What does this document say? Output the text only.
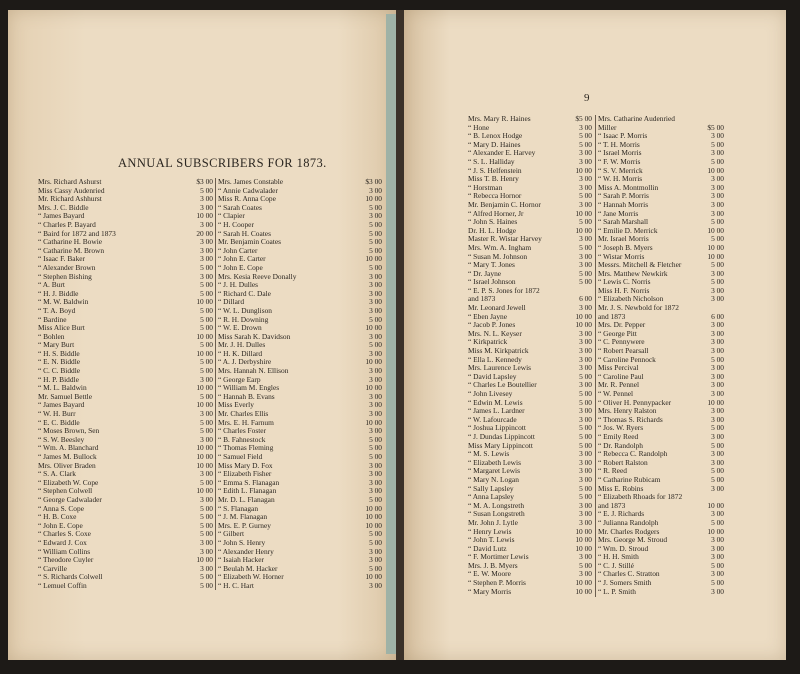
ANNUAL SUBSCRIBERS FOR 1873.
9
Mrs. Richard Ashurst	$3 00
Miss Cassy Audenried	5 00
Mr. Richard Ashhurst	3 00
Mrs. J. C. Biddle	3 00
“ James Bayard	10 00
“ Charles P. Bayard	3 00
“ Baird for 1872 and 1873	20 00
“ Catharine H. Bowie	3 00
“ Catharine M. Brown	3 00
“ Isaac F. Baker	3 00
“ Alexander Brown	5 00
“ Stephen Bishing	3 00
“ A. Burt	5 00
“ H. J. Biddle	5 00
“ M. W. Baldwin	10 00
“ T. A. Boyd	5 00
“ Bardine	5 00
Miss Alice Burt	5 00
“ Bohlen	10 00
“ Mary Burt	5 00
“ H. S. Biddle	10 00
“ E. N. Biddle	5 00
“ C. C. Biddle	5 00
“ H. P. Biddle	3 00
“ M. L. Baldwin	10 00
Mr. Samuel Bettle	5 00
“ James Bayard	10 00
“ W. H. Burr	3 00
“ E. C. Biddle	5 00
“ Moses Brown, Sen	5 00
“ S. W. Beesley	3 00
“ Wm. A. Blanchard	10 00
“ James M. Bullock	10 00
Mrs. Oliver Braden	10 00
“ S. A. Clark	3 00
“ Elizabeth W. Cope	5 00
“ Stephen Colwell	10 00
“ George Cadwalader	3 00
“ Anna S. Cope	5 00
“ H. B. Coxe	5 00
“ John E. Cope	5 00
“ Charles S. Coxe	5 00
“ Edward J. Cox	3 00
“ William Collins	3 00
“ Theodore Cuyler	10 00
“ Carville	3 00
“ S. Richards Colwell	5 00
“ Lemuel Coffin	5 00
Mrs. James Constable	$3 00
“ Annie Cadwalader	3 00
Miss R. Anna Cope	10 00
“ Sarah Coates	5 00
“ Clapier	3 00
“ H. Cooper	5 00
“ Sarah H. Coates	5 00
Mr. Benjamin Coates	5 00
“ John Carter	5 00
“ John E. Carter	10 00
“ John E. Cope	5 00
Mrs. Kesia Reeve Donally	3 00
“ J. H. Dulles	3 00
“ Richard C. Dale	3 00
“ Dillard	3 00
“ W. L. Dunglison	3 00
“ R. H. Downing	5 00
“ W. E. Drown	10 00
Miss Sarah K. Davidson	3 00
Mr. J. H. Dulles	5 00
“ H. K. Dillard	3 00
“ A. J. Derbyshire	10 00
Mrs. Hannah N. Ellison	3 00
“ George Earp	3 00
“ William M. Engles	10 00
“ Hannah B. Evans	3 00
Miss Everly	3 00
Mr. Charles Ellis	3 00
Mrs. E. H. Farnum	10 00
“ Charles Foster	3 00
“ B. Fahnestock	5 00
“ Thomas Fleming	5 00
“ Samuel Field	5 00
Miss Mary D. Fox	3 00
“ Elizabeth Fisher	3 00
“ Emma S. Flanagan	3 00
“ Edith L. Flanagan	3 00
Mr. D. L. Flanagan	5 00
“ S. Flanagan	10 00
“ J. M. Flanagan	10 00
Mrs. E. P. Gurney	10 00
“ Gilbert	5 00
“ John S. Henry	5 00
“ Alexander Henry	3 00
“ Isaiah Hacker	3 00
“ Beulah M. Hacker	5 00
“ Elizabeth W. Horner	10 00
“ H. C. Hart	3 00
Mrs. Mary R. Haines	$5 00
“ Hone	3 00
“ B. Lenox Hodge	5 00
“ Mary D. Haines	5 00
“ Alexander E. Harvey	3 00
“ S. L. Halliday	3 00
“ J. S. Helfenstein	10 00
Miss T. B. Henry	3 00
“ Horstman	3 00
“ Rebecca Hornor	5 00
Mr. Benjamin C. Hornor	3 00
“ Alfred Horner, Jr	10 00
“ John S. Haines	5 00
Dr. H. L. Hodge	10 00
Master R. Wistar Harvey	3 00
Mrs. Wm. A. Ingham	5 00
“ Susan M. Johnson	3 00
“ Mary T. Jones	3 00
“ Dr. Jayne	5 00
“ Israel Johnson	5 00
“ E. P. S. Jones for 1872
and 1873	6 00
Mr. Leonard Jewell	3 00
“ Eben Jayne	10 00
“ Jacob P. Jones	10 00
Mrs. N. L. Keyser	3 00
“ Kirkpatrick	3 00
Miss M. Kirkpatrick	3 00
“ Ella L. Kennedy	3 00
Mrs. Laurence Lewis	3 00
“ David Lapsley	5 00
“ Charles Le Boutellier	3 00
“ John Livesey	5 00
“ Edwin M. Lewis	5 00
“ James L. Lardner	3 00
“ W. Lafourcade	3 00
“ Joshua Lippincott	5 00
“ J. Dundas Lippincott	5 00
Miss Mary Lippincott	5 00
“ M. S. Lewis	3 00
“ Elizabeth Lewis	3 00
“ Margaret Lewis	3 00
“ Mary N. Logan	3 00
“ Sally Lapsley	5 00
“ Anna Lapsley	5 00
“ M. A. Longstreth	3 00
“ Susan Longstreth	3 00
Mr. John J. Lytle	3 00
“ Henry Lewis	10 00
“ John T. Lewis	10 00
“ David Lutz	10 00
“ F. Mortimer Lewis	3 00
Mrs. J. B. Myers	5 00
“ E. W. Moore	3 00
“ Stephen P. Morris	10 00
“ Mary Morris	10 00
Mrs. Catharine Audenried
Miller	$5 00
“ Isaac P. Morris	3 00
“ T. H. Morris	5 00
“ Israel Morris	3 00
“ F. W. Morris	5 00
“ S. V. Merrick	10 00
“ W. H. Morris	3 00
Miss A. Montmollin	3 00
“ Sarah P. Morris	3 00
“ Hannah Morris	3 00
“ Jane Morris	3 00
“ Sarah Marshall	5 00
“ Emilie D. Merrick	10 00
Mr. Israel Morris	5 00
“ Joseph B. Myers	10 00
“ Wistar Morris	10 00
Messrs. Mitchell & Fletcher	5 00
Mrs. Matthew Newkirk	3 00
“ Lewis C. Norris	5 00
Miss H. F. Norris	3 00
“ Elizabeth Nicholson	3 00
Mr. J. S. Newbold for 1872
and 1873	6 00
Mrs. Dr. Pepper	3 00
“ George Pitt	3 00
“ C. Pennywere	3 00
“ Robert Pearsall	3 00
“ Caroline Pennock	5 00
Miss Percival	3 00
“ Caroline Paul	3 00
Mr. R. Pennel	3 00
“ W. Pennel	3 00
“ Oliver H. Pennypacker	10 00
Mrs. Henry Ralston	3 00
“ Thomas S. Richards	3 00
“ Jos. W. Ryers	5 00
“ Emily Reed	3 00
“ Dr. Randolph	5 00
“ Rebecca C. Randolph	3 00
“ Robert Ralston	3 00
“ R. Reed	5 00
“ Catharine Rubicam	5 00
Miss E. Robins	3 00
“ Elizabeth Rhoads for 1872
and 1873	10 00
“ E. J. Richards	3 00
“ Julianna Randolph	5 00
Mr. Charles Rodgers	10 00
Mrs. George M. Stroud	3 00
“ Wm. D. Stroud	3 00
“ H. H. Smith	3 00
“ C. J. Stillé	5 00
“ Charles C. Stratton	3 00
“ J. Somers Smith	5 00
“ L. P. Smith	3 00
